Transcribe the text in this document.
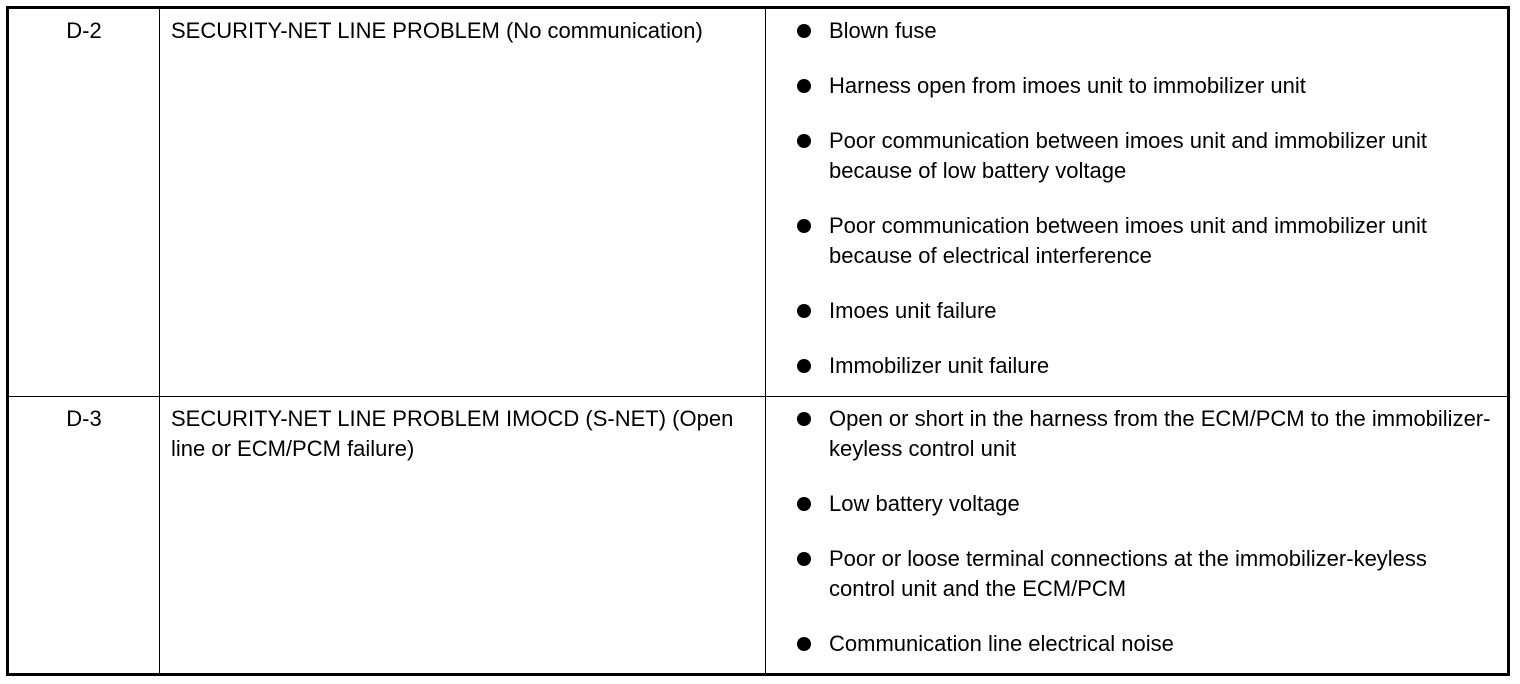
D-2	SECURITY-NET LINE PROBLEM (No communication)	Blown fuse
Harness open from imoes unit to immobilizer unit
Poor communication between imoes unit and immobilizer unit because of low battery voltage
Poor communication between imoes unit and immobilizer unit because of electrical interference
Imoes unit failure
Immobilizer unit failure
D-3	SECURITY-NET LINE PROBLEM IMOCD (S-NET) (Open line or ECM/PCM failure)
Open or short in the harness from the ECM/PCM to the immobilizer-keyless control unit
Low battery voltage
Poor or loose terminal connections at the immobilizer-keyless control unit and the ECM/PCM
Communication line electrical noise
